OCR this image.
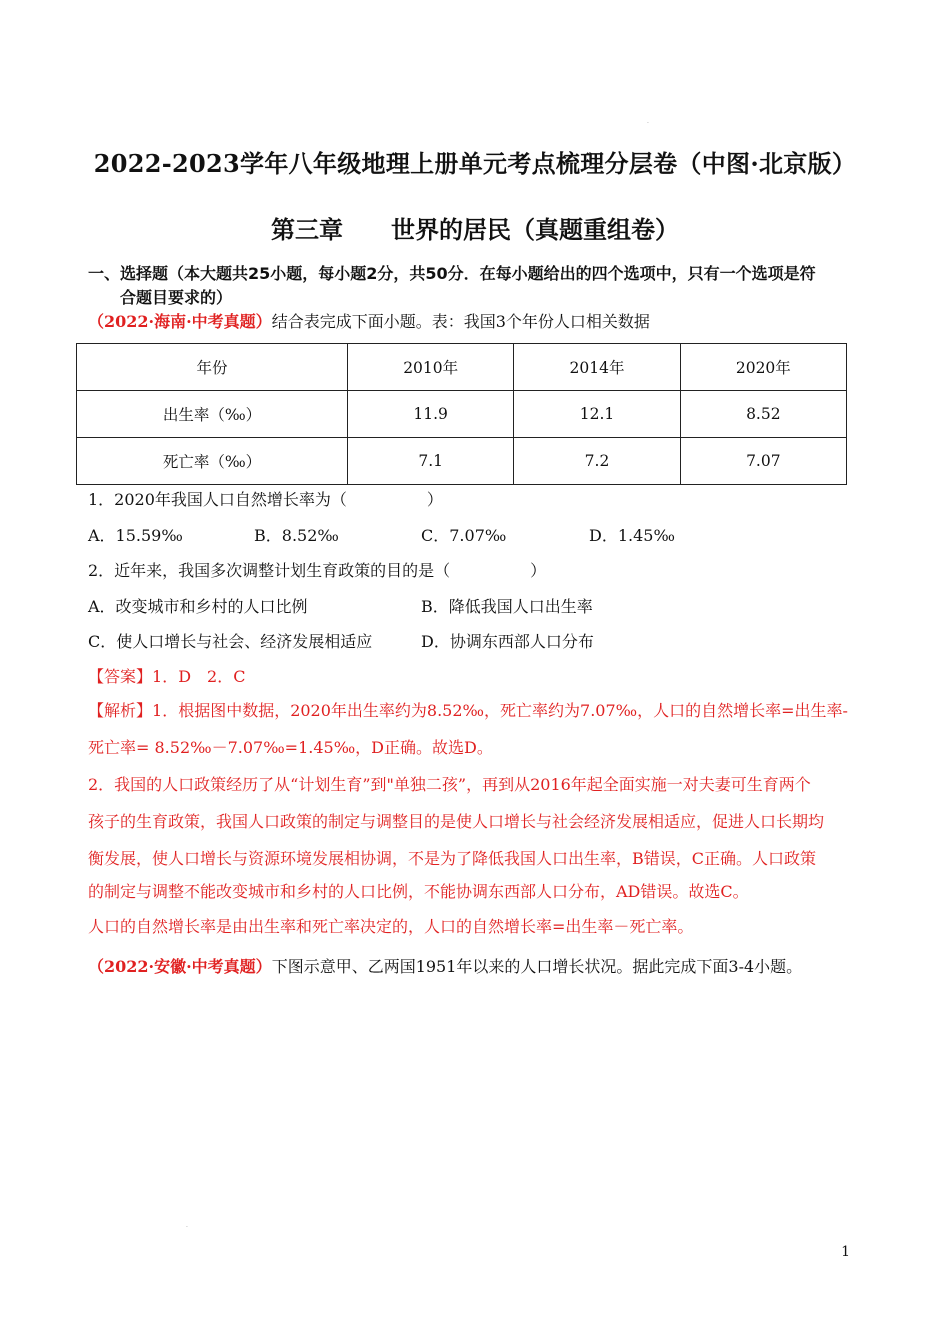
.
2022-2023学年八年级地理上册单元考点梳理分层卷（中图·北京版）
第三章 世界的居民（真题重组卷）
一、选择题（本大题共25小题，每小题2分，共50分．在每小题给出的四个选项中，只有一个选项是符
合题目要求的）
（2022·海南·中考真题）结合表完成下面小题。表：我国3个年份人口相关数据
年份	2010年	2014年	2020年
出生率（‰）	11.9	12.1	8.52
死亡率（‰）	7.1	7.2	7.07
1．2020年我国人口自然增长率为（　　　　　）
A．15.59‰	B．8.52‰	C．7.07‰	D．1.45‰
2．近年来，我国多次调整计划生育政策的目的是（　　　　　）
A．改变城市和乡村的人口比例	B．降低我国人口出生率
C．使人口增长与社会、经济发展相适应	D．协调东西部人口分布
【答案】1．D　2．C
【解析】1．根据图中数据，2020年出生率约为8.52‰，死亡率约为7.07‰，人口的自然增长率=出生率-
死亡率= 8.52‰－7.07‰=1.45‰，D正确。故选D。
2．我国的人口政策经历了从“计划生育”到"单独二孩”，再到从2016年起全面实施一对夫妻可生育两个
孩子的生育政策，我国人口政策的制定与调整目的是使人口增长与社会经济发展相适应，促进人口长期均
衡发展，使人口增长与资源环境发展相协调，不是为了降低我国人口出生率，B错误，C正确。人口政策
的制定与调整不能改变城市和乡村的人口比例，不能协调东西部人口分布，AD错误。故选C。
人口的自然增长率是由出生率和死亡率决定的，人口的自然增长率=出生率－死亡率。
（2022·安徽·中考真题）下图示意甲、乙两国1951年以来的人口增长状况。据此完成下面3-4小题。
.
1
